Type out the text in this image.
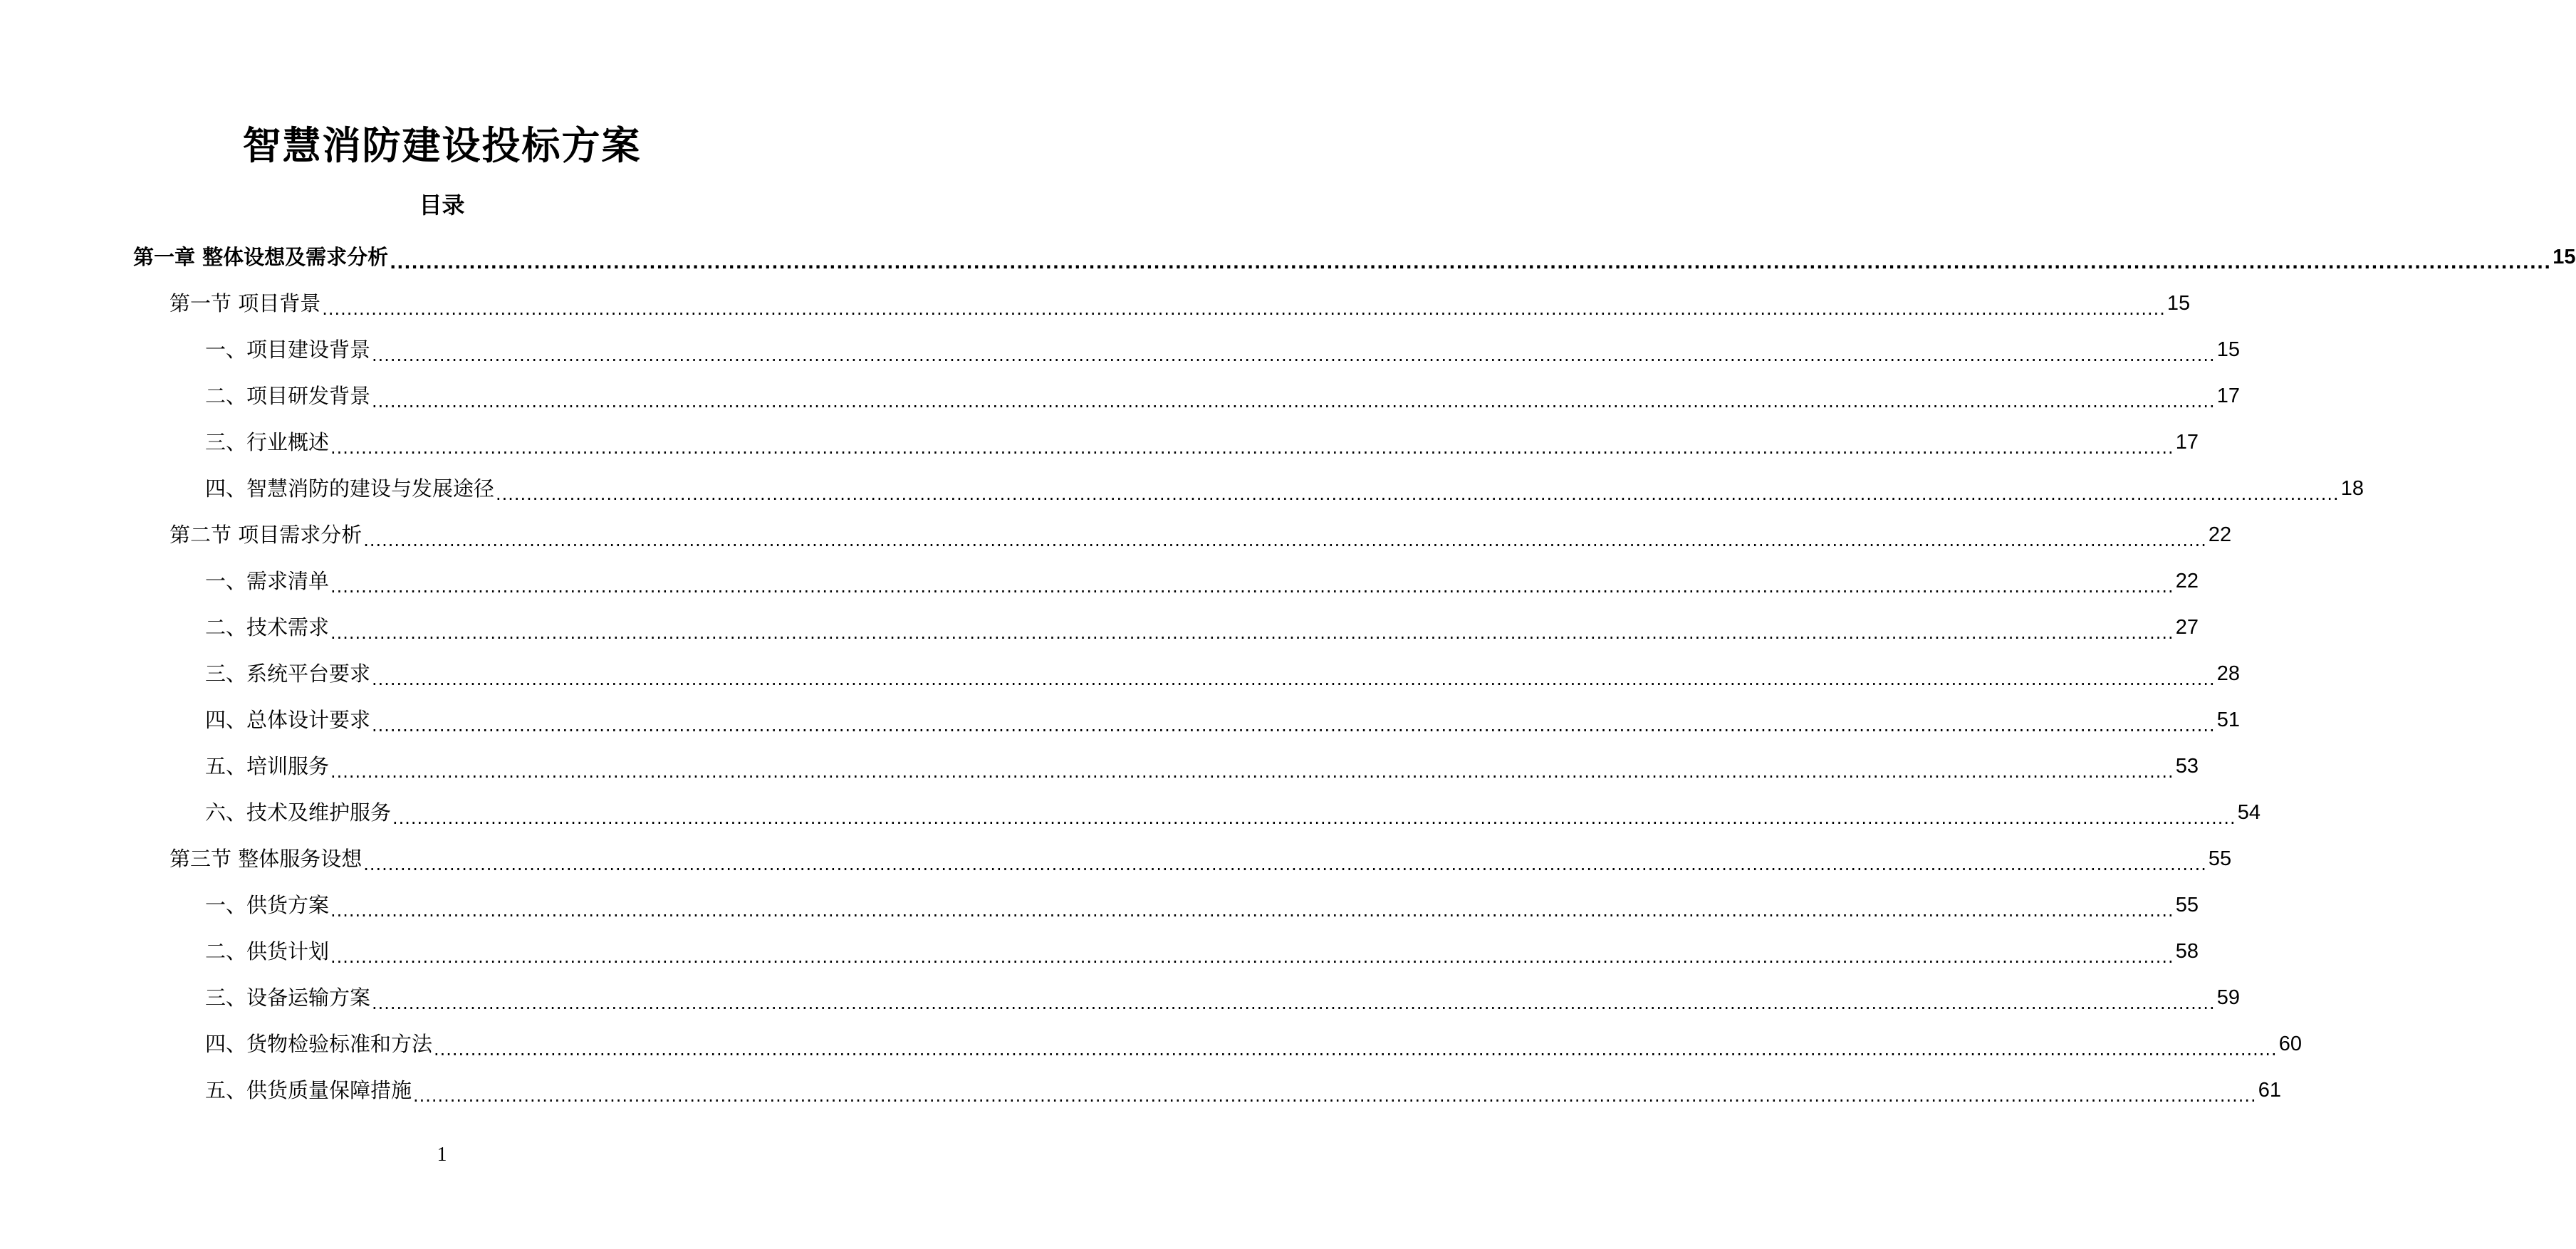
智慧消防建设投标方案
目录
第一章 整体设想及需求分析 ............................................................................................................................................................................................................................................................................................................ 15
第一节 项目背景 ............................................................................................................................................................................................................................................................................................................ 15
一、项目建设背景 ............................................................................................................................................................................................................................................................................................................ 15
二、项目研发背景 ............................................................................................................................................................................................................................................................................................................ 17
三、行业概述 ............................................................................................................................................................................................................................................................................................................ 17
四、智慧消防的建设与发展途径 ............................................................................................................................................................................................................................................................................................................ 18
第二节 项目需求分析 ............................................................................................................................................................................................................................................................................................................ 22
一、需求清单 ............................................................................................................................................................................................................................................................................................................ 22
二、技术需求 ............................................................................................................................................................................................................................................................................................................ 27
三、系统平台要求 ............................................................................................................................................................................................................................................................................................................ 28
四、总体设计要求 ............................................................................................................................................................................................................................................................................................................ 51
五、培训服务 ............................................................................................................................................................................................................................................................................................................ 53
六、技术及维护服务 ............................................................................................................................................................................................................................................................................................................ 54
第三节 整体服务设想 ............................................................................................................................................................................................................................................................................................................ 55
一、供货方案 ............................................................................................................................................................................................................................................................................................................ 55
二、供货计划 ............................................................................................................................................................................................................................................................................................................ 58
三、设备运输方案 ............................................................................................................................................................................................................................................................................................................ 59
四、货物检验标准和方法 ............................................................................................................................................................................................................................................................................................................ 60
五、供货质量保障措施 ............................................................................................................................................................................................................................................................................................................ 61
1
